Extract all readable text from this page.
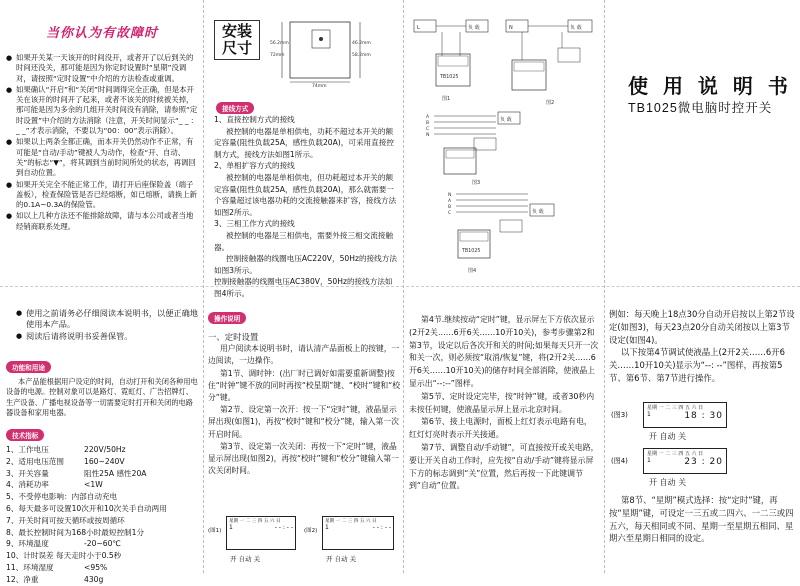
当你认为有故障时
● 如果开关某一天该开的时间没开，或者开了以后到关的时间还没关，那可能是因为你定时设置时“星期”没调对，请按照“定时设置”中介绍的方法检查或重调。
● 如果确认“开启”和“关闭”时间调得完全正确，但是本开关在该开的时间开了起来，或者不该关的时候被关掉，那可能是因为多余的几组开关时间没有消除，请参照“定时设置”中介绍的方法消除（注意，开关时间显示“_ _ : _ _”才表示消除，不要以为“00：00”表示消除）。
● 如果以上两条全都正确，而本开关仍然动作不正常，有可能是“自动/手动”键被人为动作，检查“开、自动、关”的标志“▼”，将其调到当前时间所处的状态，再调回到自动位置。
● 如果开关完全不能正常工作，请打开后座保险盖（端子盖板），检查保险管是否已经熔断，如已熔断，请换上新的0.1A~0.3A的保险管。
● 如以上几种方法还不能排除故障，请与本公司或者当地经销商联系处理。
安装尺寸	56.2mm
72mm
46.2mm
58.2mm
74mm
接线方式

1、直接控制方式的接线

被控制的电器是单相供电，功耗不超过本开关的额定容量(阻性负载25A，感性负载20A)，可采用直接控制方式，接线方法如图1所示。

2、单相扩容方式的接线

被控制的电器是单相供电，但功耗超过本开关的额定容量(阻性负载25A，感性负载20A)，那么就需要一个容量超过该电器功耗的交流接触器来扩容，接线方法如图2所示。

3、三相工作方式的接线

被控制的电器是三相供电，需要外接三相交流接触器。

控制接触器的线圈电压AC220V，50Hz的接线方法如图3所示。

控制接触器的线圈电压AC380V，50Hz的接线方法如图4所示。

L	负 载
TB1025
图1
N	负 载
图2
A
B
C
N
负 载
图3
N
A
B
C	负 载
TB1025
图4
使 用 说 明 书
TB1025微电脑时控开关
● 使用之前请务必仔细阅读本说明书，以便正确地使用本产品。
● 阅读后请将说明书妥善保管。
功能和用途
本产品能根据用户设定的时间，自动打开和关闭各种用电设备的电源。控制对象可以是路灯、霓虹灯、广告招牌灯、生产设备、广播电视设备等一切需要定时打开和关闭的电路器设备和家用电器。
技术指标
1、工作电压	220V/50Hz
2、适用电压范围	160~240V
3、开关容量	阻性25A 感性20A
4、消耗功率	<1W
5、不受停电影响：内部自动充电	
6、每天最多可设置10次开和10次关手自动两用	
7、开关时间可按天循环或按周循环	
8、最长控制时间为168小时最短控制1分	
9、环境温度	-20~60℃
10、计时误差 每天走时小于0.5秒	
11、环境湿度	<95%
12、净重	430g
操作说明

一、定时设置

用户阅读本说明书时，请认清产品面板上的按键，一边阅读，一边操作。

第1节、调时钟：(出厂时已调好如需要重新调整)按住“时钟”键不放的同时再按“校星期”键、“校时”键和“校分”键。

第2节、设定第一次开：按一下“定时”键，液晶显示屏出现(如图1)，再按“校时”键和“校分”键，输入第一次开启时间。

第3节、设定第一次关闭：再按一下“定时”键，液晶显示屏出现(如图2)，再按“校时”键和“校分”键输入第一次关闭时间。

(图1)
星期 一 二 三 四 五 六 日
1	- - : - -
开 自动 关
(图2)
星期 一 二 三 四 五 六 日
1	- - : - -
开 自动 关

第4节.继续按动“定时”键，显示屏左下方依次显示(2开2关……6开6关……10开10关)，参考步骤第2和第3节，设定以后各次开和关的时间;如果每天只开一次和关一次，则必须按“取消/恢复”键，将(2开2关……6开6关……10开10关)的储存时间全部消除，使液晶上显示出“--:--”图样。

第5节、定时设定完毕，按“时钟”键，或者30秒内未按任何键，使液晶显示屏上显示北京时间。

第6节、接上电源时，面板上红灯表示电路有电，红灯灯亮时表示开关接通。

第7节、调整自动/手动键”，可直接按开或关电路，要让开关自动工作时，应先按“自动/手动”键将显示屏下方的标志调到“关”位置，然后再按一下此键调节到“自动”位置。

例如：每天晚上18点30分自动开启按以上第2节设定(如图3)，每天23点20分自动关闭按以上第3节设定(如图4)。

以下按第4节调试使液晶上(2开2关……6开6关……10开10关)显示为“--: --”图样，再按第5节、第6节、第7节进行操作。

(图3)
星期 一 二 三 四 五 六 日
1	18 : 30
开 自动 关
(图4)
星期 一 二 三 四 五 六 日
1	23 : 20
开 自动 关
第8节、“星期”模式选择：按“定时”键，再按“星期”键，可设定一三五或二四六、一二三或四五六，每天相同或不同、星期一至星期五相同、星期六至星期日相同的设定。
